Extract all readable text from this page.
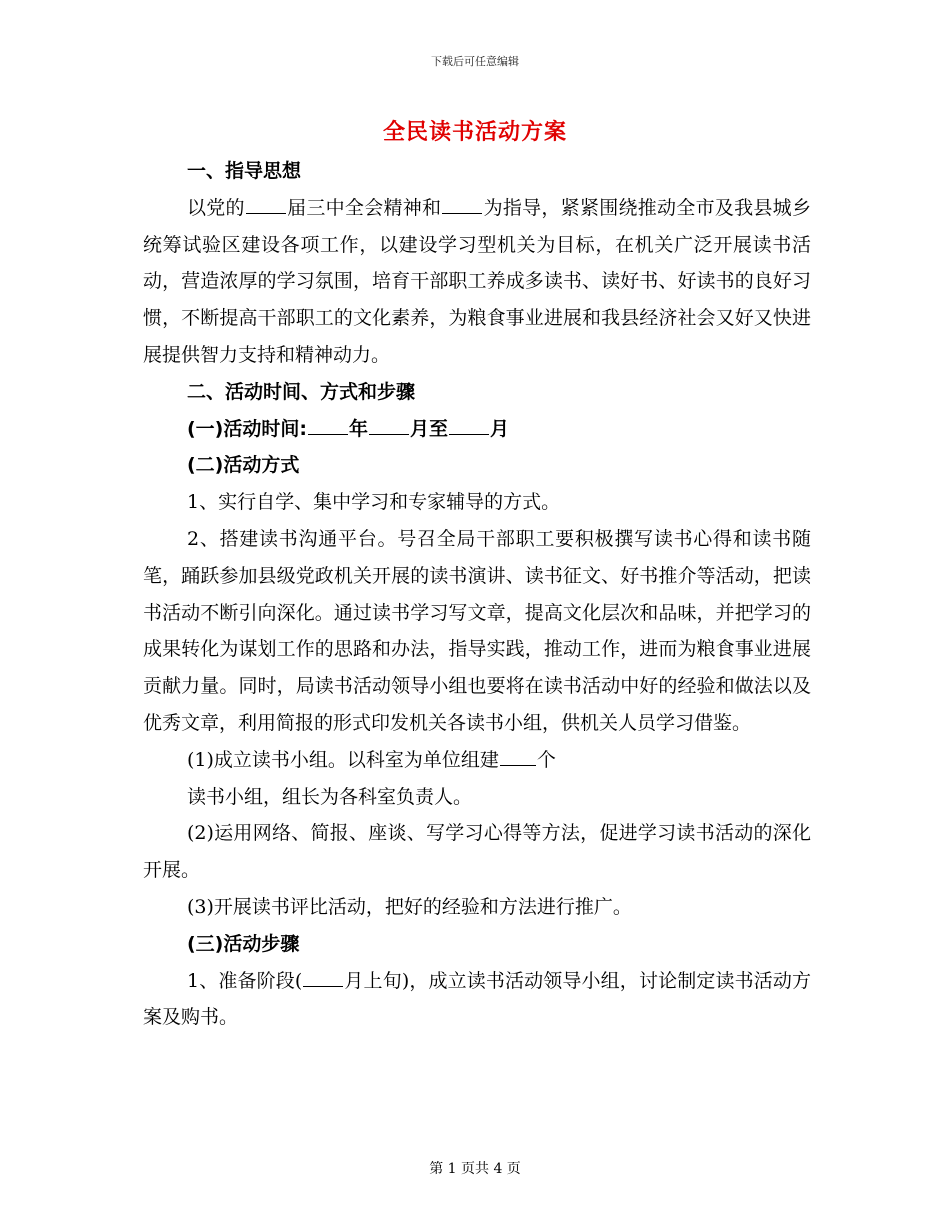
下载后可任意编辑
全民读书活动方案

一、指导思想

以党的 届三中全会精神和 为指导，紧紧围绕推动全市及我县城乡统筹试验区建设各项工作，以建设学习型机关为目标，在机关广泛开展读书活动，营造浓厚的学习氛围，培育干部职工养成多读书、读好书、好读书的良好习惯，不断提高干部职工的文化素养，为粮食事业进展和我县经济社会又好又快进展提供智力支持和精神动力。

二、活动时间、方式和步骤

(一)活动时间: 年 月至 月

(二)活动方式

1、实行自学、集中学习和专家辅导的方式。

2、搭建读书沟通平台。号召全局干部职工要积极撰写读书心得和读书随笔，踊跃参加县级党政机关开展的读书演讲、读书征文、好书推介等活动，把读书活动不断引向深化。通过读书学习写文章，提高文化层次和品味，并把学习的成果转化为谋划工作的思路和办法，指导实践，推动工作，进而为粮食事业进展贡献力量。同时，局读书活动领导小组也要将在读书活动中好的经验和做法以及优秀文章，利用简报的形式印发机关各读书小组，供机关人员学习借鉴。

(1)成立读书小组。以科室为单位组建 个

读书小组，组长为各科室负责人。

(2)运用网络、简报、座谈、写学习心得等方法，促进学习读书活动的深化开展。

(3)开展读书评比活动，把好的经验和方法进行推广。

(三)活动步骤

1、准备阶段( 月上旬)，成立读书活动领导小组，讨论制定读书活动方案及购书。

第 1 页共 4 页
